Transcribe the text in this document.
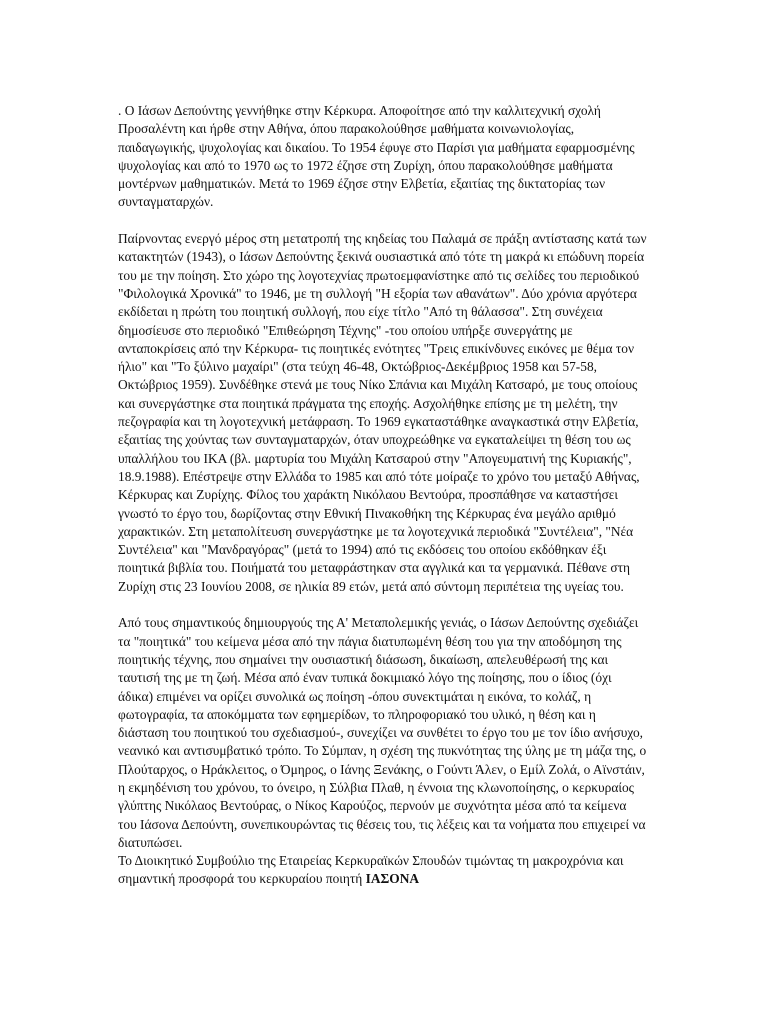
. Ο Ιάσων Δεπούντης γεννήθηκε στην Κέρκυρα. Αποφοίτησε από την καλλιτεχνική σχολή Προσαλέντη και ήρθε στην Αθήνα, όπου παρακολούθησε μαθήματα κοινωνιολογίας, παιδαγωγικής, ψυχολογίας και δικαίου. Το 1954 έφυγε στο Παρίσι για μαθήματα εφαρμοσμένης ψυχολογίας και από το 1970 ως το 1972 έζησε στη Ζυρίχη, όπου παρακολούθησε μαθήματα μοντέρνων μαθηματικών. Μετά το 1969 έζησε στην Ελβετία, εξαιτίας της δικτατορίας των συνταγματαρχών.

Παίρνοντας ενεργό μέρος στη μετατροπή της κηδείας του Παλαμά σε πράξη αντίστασης κατά των κατακτητών (1943), ο Ιάσων Δεπούντης ξεκινά ουσιαστικά από τότε τη μακρά κι επώδυνη πορεία του με την ποίηση. Στο χώρο της λογοτεχνίας πρωτοεμφανίστηκε από τις σελίδες του περιοδικού "Φιλολογικά Χρονικά" το 1946, με τη συλλογή "Η εξορία των αθανάτων". Δύο χρόνια αργότερα εκδίδεται η πρώτη του ποιητική συλλογή, που είχε τίτλο "Από τη θάλασσα". Στη συνέχεια δημοσίευσε στο περιοδικό "Επιθεώρηση Τέχνης" -του οποίου υπήρξε συνεργάτης με ανταποκρίσεις από την Κέρκυρα- τις ποιητικές ενότητες "Τρεις επικίνδυνες εικόνες με θέμα τον ήλιο" και "Το ξύλινο μαχαίρι" (στα τεύχη 46-48, Οκτώβριος-Δεκέμβριος 1958 και 57-58, Οκτώβριος 1959). Συνδέθηκε στενά με τους Νίκο Σπάνια και Μιχάλη Κατσαρό, με τους οποίους και συνεργάστηκε στα ποιητικά πράγματα της εποχής. Ασχολήθηκε επίσης με τη μελέτη, την πεζογραφία και τη λογοτεχνική μετάφραση. Το 1969 εγκαταστάθηκε αναγκαστικά στην Ελβετία, εξαιτίας της χούντας των συνταγματαρχών, όταν υποχρεώθηκε να εγκαταλείψει τη θέση του ως υπαλλήλου του ΙΚΑ (βλ. μαρτυρία του Μιχάλη Κατσαρού στην "Απογευματινή της Κυριακής", 18.9.1988). Επέστρεψε στην Ελλάδα το 1985 και από τότε μοίραζε το χρόνο του μεταξύ Αθήνας, Κέρκυρας και Ζυρίχης. Φίλος του χαράκτη Νικόλαου Βεντούρα, προσπάθησε να καταστήσει γνωστό το έργο του, δωρίζοντας στην Εθνική Πινακοθήκη της Κέρκυρας ένα μεγάλο αριθμό χαρακτικών. Στη μεταπολίτευση συνεργάστηκε με τα λογοτεχνικά περιοδικά "Συντέλεια", "Νέα Συντέλεια" και "Μανδραγόρας" (μετά το 1994) από τις εκδόσεις του οποίου εκδόθηκαν έξι ποιητικά βιβλία του. Ποιήματά του μεταφράστηκαν στα αγγλικά και τα γερμανικά. Πέθανε στη Ζυρίχη στις 23 Ιουνίου 2008, σε ηλικία 89 ετών, μετά από σύντομη περιπέτεια της υγείας του.

Από τους σημαντικούς δημιουργούς της Α' Μεταπολεμικής γενιάς, ο Ιάσων Δεπούντης σχεδιάζει τα "ποιητικά" του κείμενα μέσα από την πάγια διατυπωμένη θέση του για την αποδόμηση της ποιητικής τέχνης, που σημαίνει την ουσιαστική διάσωση, δικαίωση, απελευθέρωσή της και ταυτισή της με τη ζωή. Μέσα από έναν τυπικά δοκιμιακό λόγο της ποίησης, που ο ίδιος (όχι άδικα) επιμένει να ορίζει συνολικά ως ποίηση -όπου συνεκτιμάται η εικόνα, το κολάζ, η φωτογραφία, τα αποκόμματα των εφημερίδων, το πληροφοριακό του υλικό, η θέση και η διάσταση του ποιητικού του σχεδιασμού-, συνεχίζει να συνθέτει το έργο του με τον ίδιο ανήσυχο, νεανικό και αντισυμβατικό τρόπο. Το Σύμπαν, η σχέση της πυκνότητας της ύλης με τη μάζα της, ο Πλούταρχος, ο Ηράκλειτος, ο Όμηρος, ο Ιάνης Ξενάκης, ο Γούντι Άλεν, ο Εμίλ Ζολά, ο Αϊνστάιν, η εκμηδένιση του χρόνου, το όνειρο, η Σύλβια Πλαθ, η έννοια της κλωνοποίησης, ο κερκυραίος γλύπτης Νικόλαος Βεντούρας, ο Νίκος Καρούζος, περνούν με συχνότητα μέσα από τα κείμενα του Ιάσονα Δεπούντη, συνεπικουρώντας τις θέσεις του, τις λέξεις και τα νοήματα που επιχειρεί να διατυπώσει.

Το Διοικητικό Συμβούλιο της Εταιρείας Κερκυραϊκών Σπουδών τιμώντας τη μακροχρόνια και σημαντική προσφορά του κερκυραίου ποιητή ΙΑΣΟΝΑ
